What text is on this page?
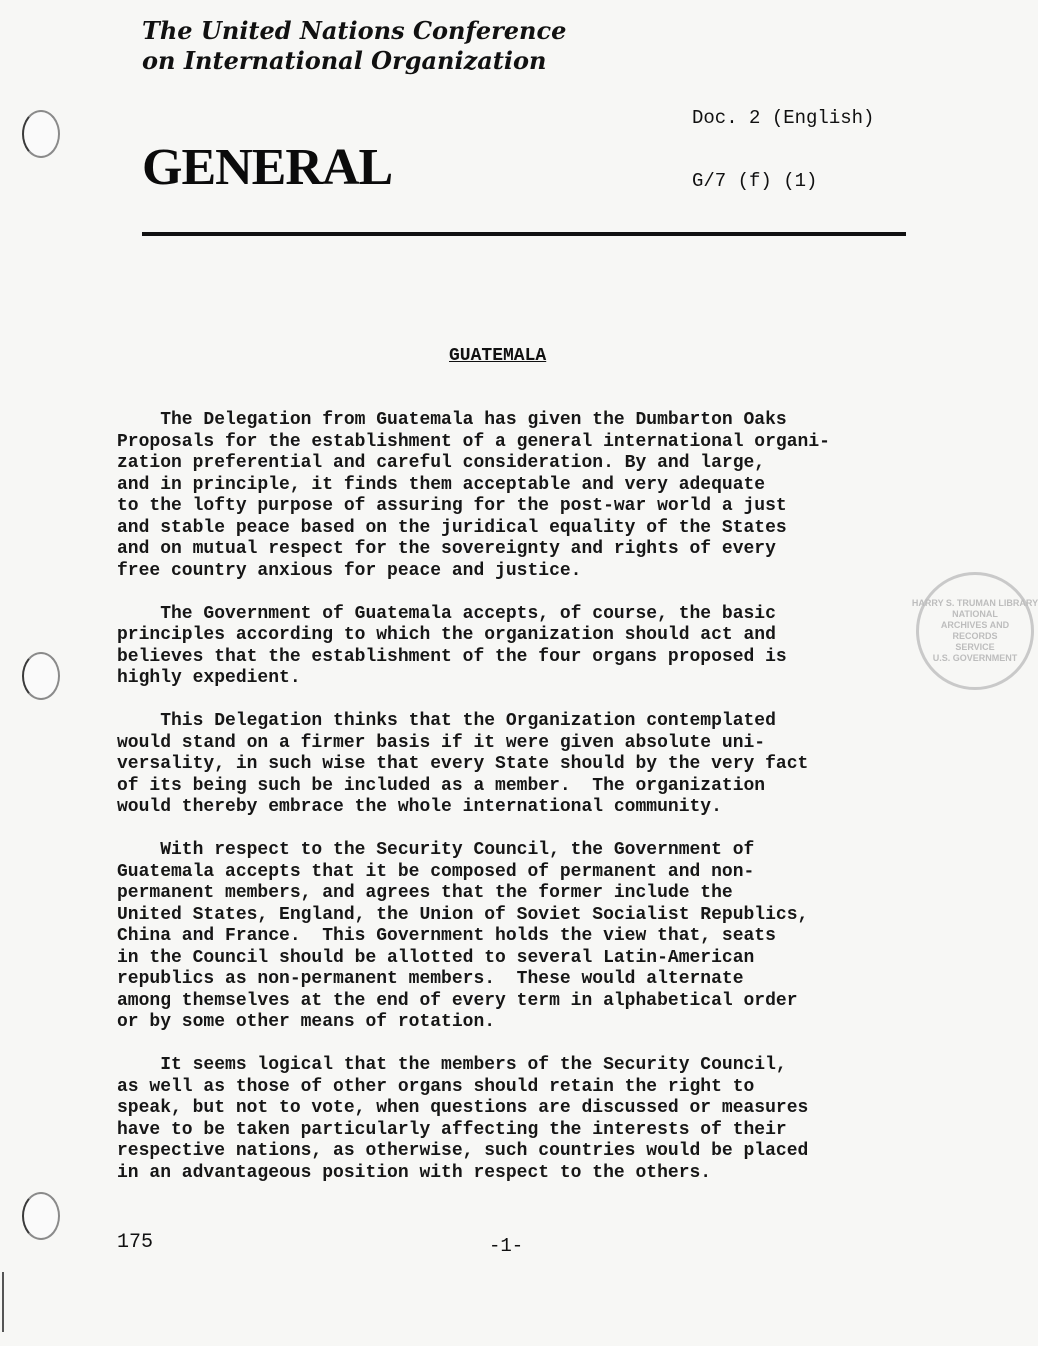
The United Nations Conference
on International Organization

Doc. 2 (English)

G/7 (f) (1)

GENERAL
GUATEMALA
The Delegation from Guatemala has given the Dumbarton Oaks
Proposals for the establishment of a general international organi-
zation preferential and careful consideration. By and large,
and in principle, it finds them acceptable and very adequate
to the lofty purpose of assuring for the post-war world a just
and stable peace based on the juridical equality of the States
and on mutual respect for the sovereignty and rights of every
free country anxious for peace and justice.
The Government of Guatemala accepts, of course, the basic
principles according to which the organization should act and
believes that the establishment of the four organs proposed is
highly expedient.
This Delegation thinks that the Organization contemplated
would stand on a firmer basis if it were given absolute uni-
versality, in such wise that every State should by the very fact
of its being such be included as a member.  The organization
would thereby embrace the whole international community.
With respect to the Security Council, the Government of
Guatemala accepts that it be composed of permanent and non-
permanent members, and agrees that the former include the
United States, England, the Union of Soviet Socialist Republics,
China and France.  This Government holds the view that, seats
in the Council should be allotted to several Latin-American
republics as non-permanent members.  These would alternate
among themselves at the end of every term in alphabetical order
or by some other means of rotation.
It seems logical that the members of the Security Council,
as well as those of other organs should retain the right to
speak, but not to vote, when questions are discussed or measures
have to be taken particularly affecting the interests of their
respective nations, as otherwise, such countries would be placed
in an advantageous position with respect to the others.
HARRY S. TRUMAN LIBRARY
NATIONAL
ARCHIVES AND
RECORDS
SERVICE
U.S. GOVERNMENT
175	-1-
